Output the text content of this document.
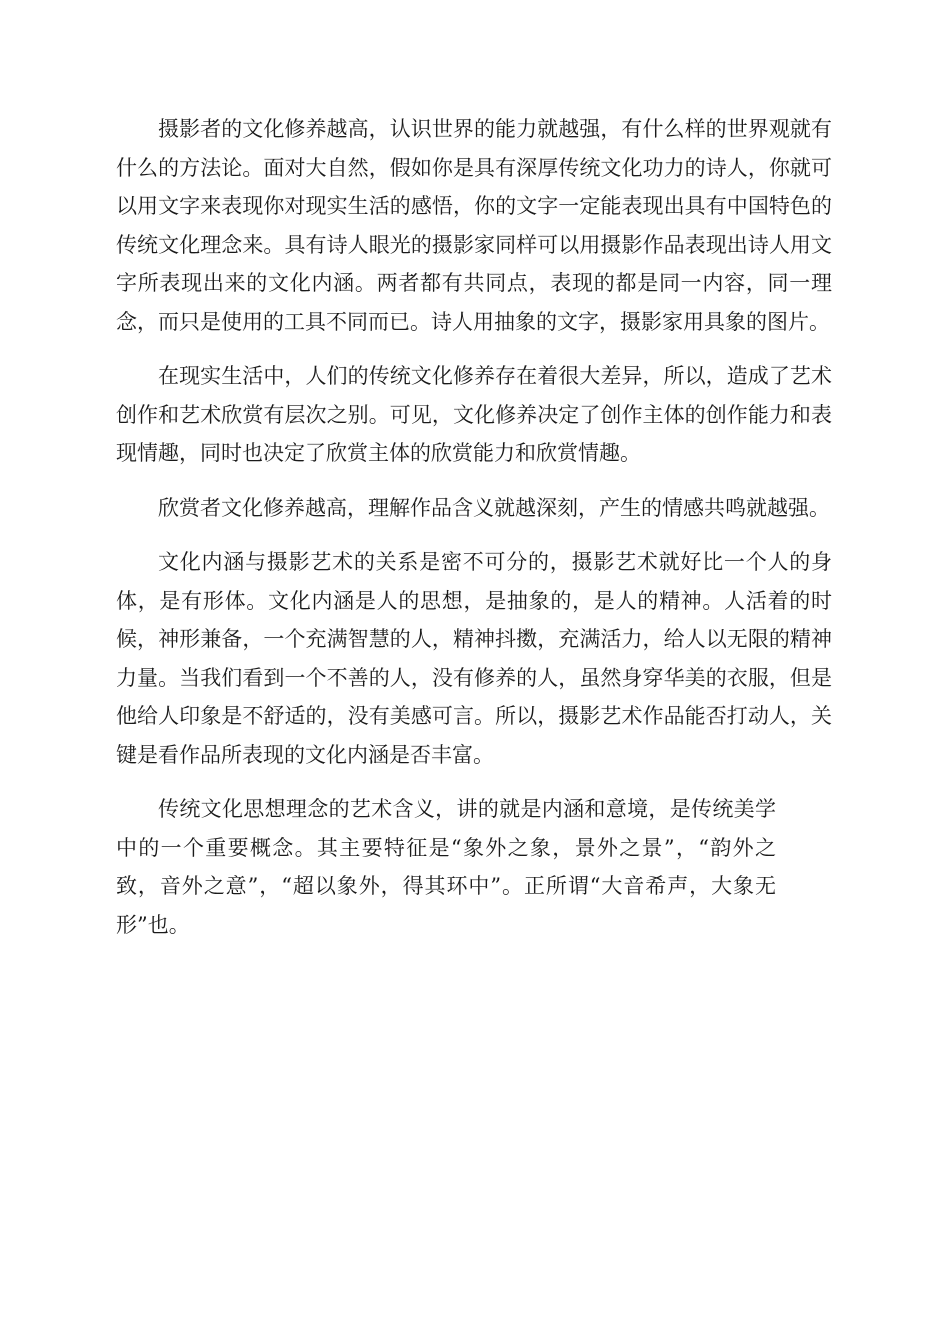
摄影者的文化修养越高，认识世界的能力就越强，有什么样的世界观就有什么的方法论。面对大自然，假如你是具有深厚传统文化功力的诗人，你就可以用文字来表现你对现实生活的感悟，你的文字一定能表现出具有中国特色的传统文化理念来。具有诗人眼光的摄影家同样可以用摄影作品表现出诗人用文字所表现出来的文化内涵。两者都有共同点，表现的都是同一内容，同一理念，而只是使用的工具不同而已。诗人用抽象的文字，摄影家用具象的图片。

在现实生活中，人们的传统文化修养存在着很大差异，所以，造成了艺术创作和艺术欣赏有层次之别。可见，文化修养决定了创作主体的创作能力和表现情趣，同时也决定了欣赏主体的欣赏能力和欣赏情趣。

欣赏者文化修养越高，理解作品含义就越深刻，产生的情感共鸣就越强。

文化内涵与摄影艺术的关系是密不可分的，摄影艺术就好比一个人的身体，是有形体。文化内涵是人的思想，是抽象的，是人的精神。人活着的时候，神形兼备，一个充满智慧的人，精神抖擞，充满活力，给人以无限的精神力量。当我们看到一个不善的人，没有修养的人，虽然身穿华美的衣服，但是他给人印象是不舒适的，没有美感可言。所以，摄影艺术作品能否打动人，关键是看作品所表现的文化内涵是否丰富。

传统文化思想理念的艺术含义，讲的就是内涵和意境，是传统美学中的一个重要概念。其主要特征是“象外之象，景外之景”，“韵外之致，音外之意”，“超以象外，得其环中”。正所谓“大音希声，大象无形”也。
